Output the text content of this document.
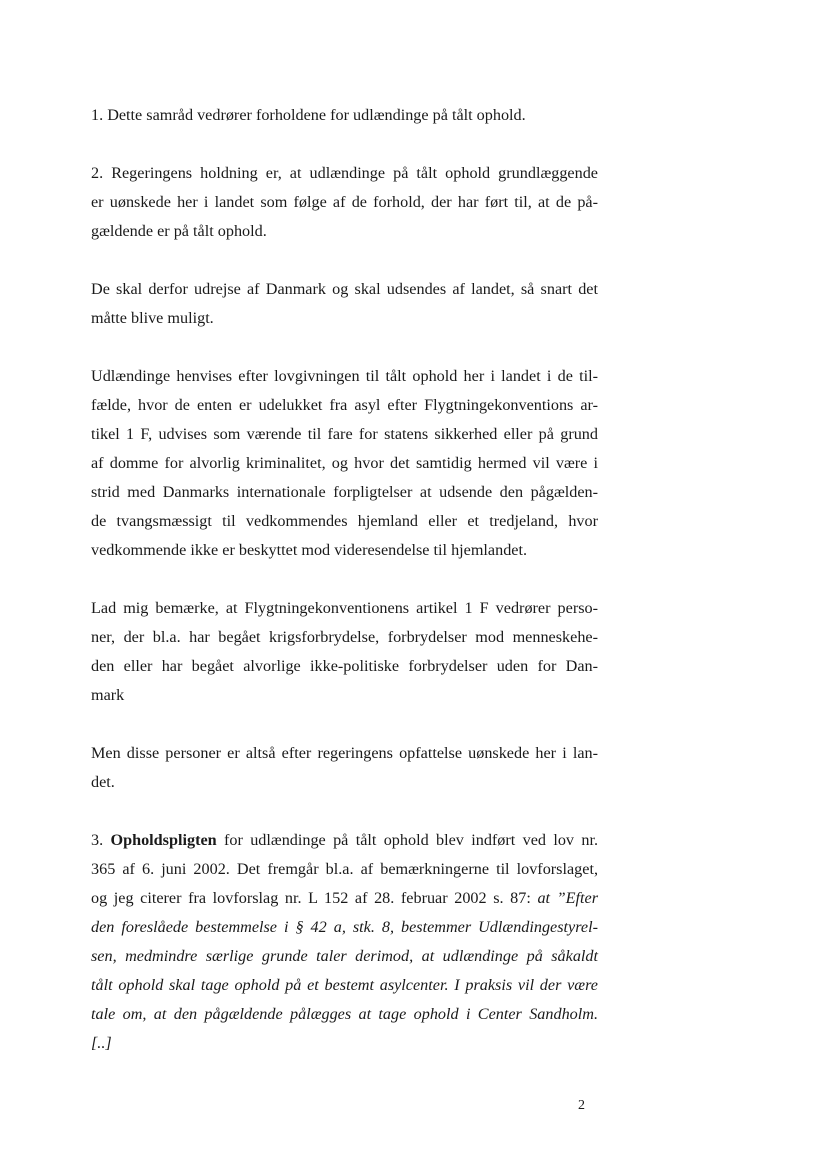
1. Dette samråd vedrører forholdene for udlændinge på tålt ophold.

2. Regeringens holdning er, at udlændinge på tålt ophold grundlæggende
er uønskede her i landet som følge af de forhold, der har ført til, at de på-
gældende er på tålt ophold.

De skal derfor udrejse af Danmark og skal udsendes af landet, så snart det
måtte blive muligt.

Udlændinge henvises efter lovgivningen til tålt ophold her i landet i de til-
fælde, hvor de enten er udelukket fra asyl efter Flygtningekonventions ar-
tikel 1 F, udvises som værende til fare for statens sikkerhed eller på grund
af domme for alvorlig kriminalitet, og hvor det samtidig hermed vil være i
strid med Danmarks internationale forpligtelser at udsende den pågælden-
de tvangsmæssigt til vedkommendes hjemland eller et tredjeland, hvor
vedkommende ikke er beskyttet mod videresendelse til hjemlandet.

Lad mig bemærke, at Flygtningekonventionens artikel 1 F vedrører perso-
ner, der bl.a. har begået krigsforbrydelse, forbrydelser mod menneskehe-
den eller har begået alvorlige ikke-politiske forbrydelser uden for Dan-
mark

Men disse personer er altså efter regeringens opfattelse uønskede her i lan-
det.

3. Opholdspligten for udlændinge på tålt ophold blev indført ved lov nr.
365 af 6. juni 2002. Det fremgår bl.a. af bemærkningerne til lovforslaget,
og jeg citerer fra lovforslag nr. L 152 af 28. februar 2002 s. 87: at ”Efter
den foreslåede bestemmelse i § 42 a, stk. 8, bestemmer Udlændingestyrel-
sen, medmindre særlige grunde taler derimod, at udlændinge på såkaldt
tålt ophold skal tage ophold på et bestemt asylcenter. I praksis vil der være
tale om, at den pågældende pålægges at tage ophold i Center Sandholm.
[..]

2
